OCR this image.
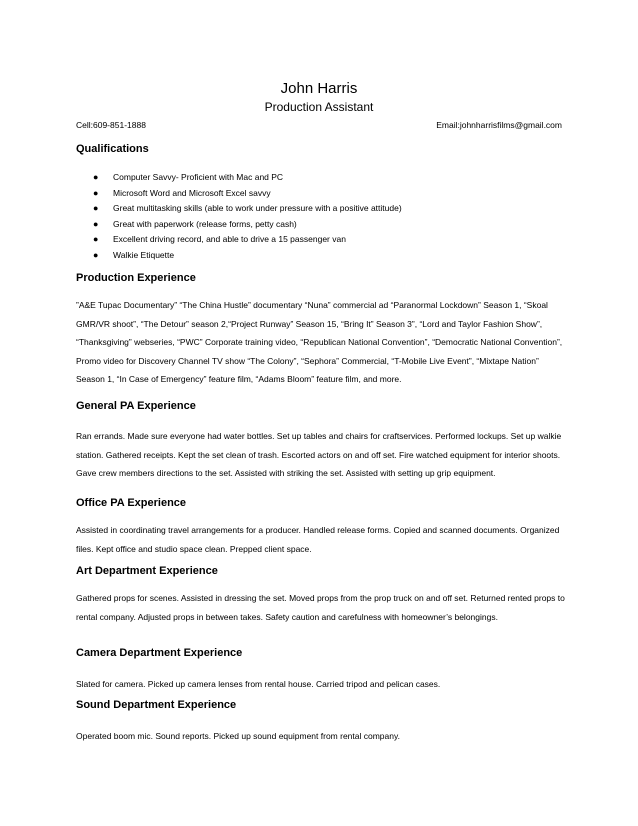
John Harris
Production Assistant
Cell:609-851-1888	Email:johnharrisfilms@gmail.com
Qualifications
● Computer Savvy- Proficient with Mac and PC
● Microsoft Word and Microsoft Excel savvy
● Great multitasking skills (able to work under pressure with a positive attitude)
● Great with paperwork (release forms, petty cash)
● Excellent driving record, and able to drive a 15 passenger van
● Walkie Etiquette
Production Experience

”A&E Tupac Documentary” “The China Hustle” documentary “Nuna” commercial ad “Paranormal Lockdown” Season 1, “Skoal GMR/VR shoot”, “The Detour” season 2,“Project Runway” Season 15, “Bring It” Season 3”, “Lord and Taylor Fashion Show”, “Thanksgiving” webseries, “PWC” Corporate training video, “Republican National Convention”, “Democratic National Convention”, Promo video for Discovery Channel TV show “The Colony”, “Sephora” Commercial, “T-Mobile Live Event”, “Mixtape Nation” Season 1, “In Case of Emergency” feature film, “Adams Bloom” feature film, and more.

General PA Experience

Ran errands. Made sure everyone had water bottles. Set up tables and chairs for craftservices. Performed lockups. Set up walkie station. Gathered receipts. Kept the set clean of trash. Escorted actors on and off set. Fire watched equipment for interior shoots. Gave crew members directions to the set. Assisted with striking the set. Assisted with setting up grip equipment.

Office PA Experience

Assisted in coordinating travel arrangements for a producer. Handled release forms. Copied and scanned documents. Organized files. Kept office and studio space clean. Prepped client space.

Art Department Experience

Gathered props for scenes. Assisted in dressing the set. Moved props from the prop truck on and off set. Returned rented props to rental company. Adjusted props in between takes. Safety caution and carefulness with homeowner’s belongings.

Camera Department Experience

Slated for camera. Picked up camera lenses from rental house. Carried tripod and pelican cases.

Sound Department Experience

Operated boom mic. Sound reports. Picked up sound equipment from rental company.
